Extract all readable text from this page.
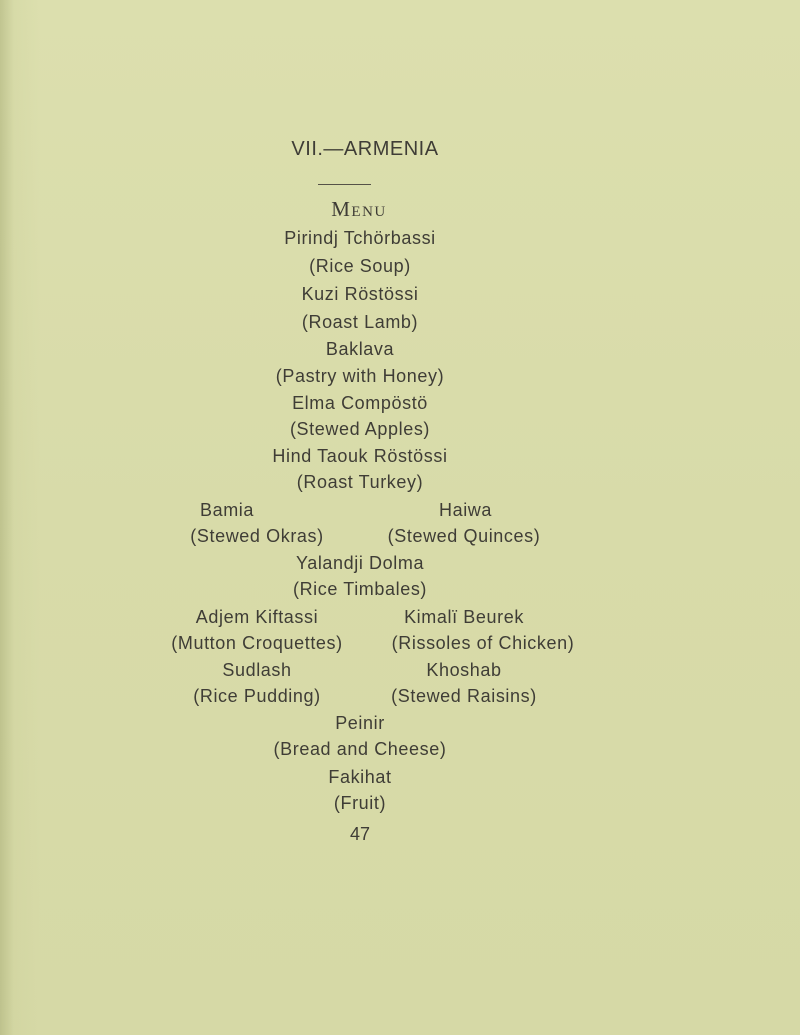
VII.—ARMENIA
Menu
Pirindj Tchörbassi
(Rice Soup)
Kuzi Röstössi
(Roast Lamb)
Baklava
(Pastry with Honey)
Elma Compöstö
(Stewed Apples)
Hind Taouk Röstössi
(Roast Turkey)
Bamia	Haiwa
(Stewed Okras)	(Stewed Quinces)
Yalandji Dolma
(Rice Timbales)
Adjem Kiftassi	Kimalï Beurek
(Mutton Croquettes)	(Rissoles of Chicken)
Sudlash	Khoshab
(Rice Pudding)	(Stewed Raisins)
Peinir
(Bread and Cheese)
Fakihat
(Fruit)
47
